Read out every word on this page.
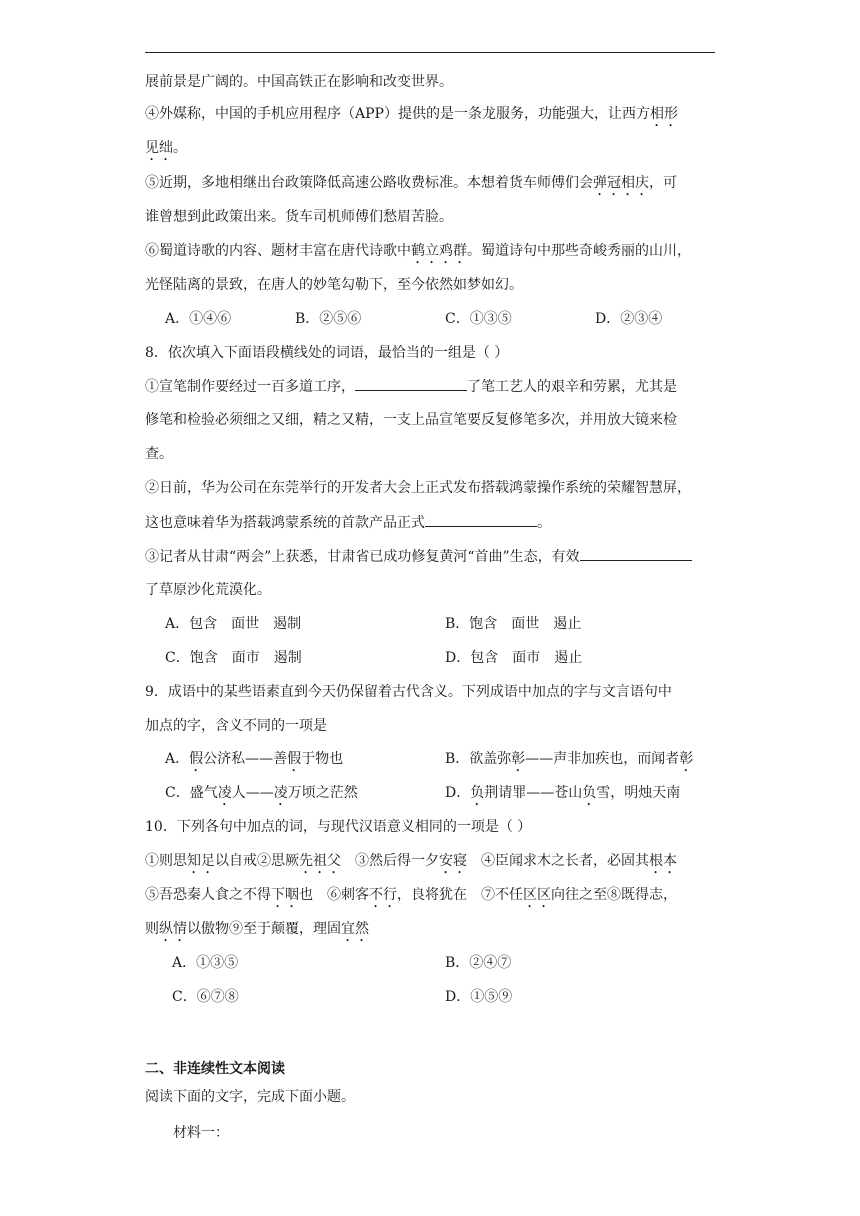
展前景是广阔的。中国高铁正在影响和改变世界。
④外媒称，中国的手机应用程序（APP）提供的是一条龙服务，功能强大，让西方相形
见绌。
⑤近期，多地相继出台政策降低高速公路收费标准。本想着货车师傅们会弹冠相庆，可
谁曾想到此政策出来。货车司机师傅们愁眉苦脸。
⑥蜀道诗歌的内容、题材丰富在唐代诗歌中鹤立鸡群。蜀道诗句中那些奇峻秀丽的山川，
光怪陆离的景致，在唐人的妙笔勾勒下，至今依然如梦如幻。
A．①④⑥	B．②⑤⑥	C．①③⑤	D．②③④
8．依次填入下面语段横线处的词语，最恰当的一组是（ ）
①宣笔制作要经过一百多道工序，	了笔工艺人的艰辛和劳累，尤其是
修笔和检验必须细之又细，精之又精，一支上品宣笔要反复修笔多次，并用放大镜来检
查。
②日前，华为公司在东莞举行的开发者大会上正式发布搭载鸿蒙操作系统的荣耀智慧屏，
这也意味着华为搭载鸿蒙系统的首款产品正式	。
③记者从甘肃“两会”上获悉，甘肃省已成功修复黄河“首曲”生态，有效
了草原沙化荒漠化。
A．包含　面世　遏制	B．饱含　面世　遏止
C．饱含　面市　遏制	D．包含　面市　遏止
9．成语中的某些语素直到今天仍保留着古代含义。下列成语中加点的字与文言语句中
加点的字，含义不同的一项是
A．假公济私——善假于物也	B．欲盖弥彰——声非加疾也，而闻者彰
C．盛气凌人——凌万顷之茫然	D．负荆请罪——苍山负雪，明烛天南
10．下列各句中加点的词，与现代汉语意义相同的一项是（ ）
①则思知足以自戒②思厥先祖父　③然后得一夕安寝　④臣闻求木之长者，必固其根本
⑤吾恐秦人食之不得下咽也　⑥刺客不行，良将犹在　⑦不任区区向往之至⑧既得志，
则纵情以傲物⑨至于颠覆，理固宜然
A．①③⑤	B．②④⑦
C．⑥⑦⑧	D．①⑤⑨
二、非连续性文本阅读
阅读下面的文字，完成下面小题。
材料一：
